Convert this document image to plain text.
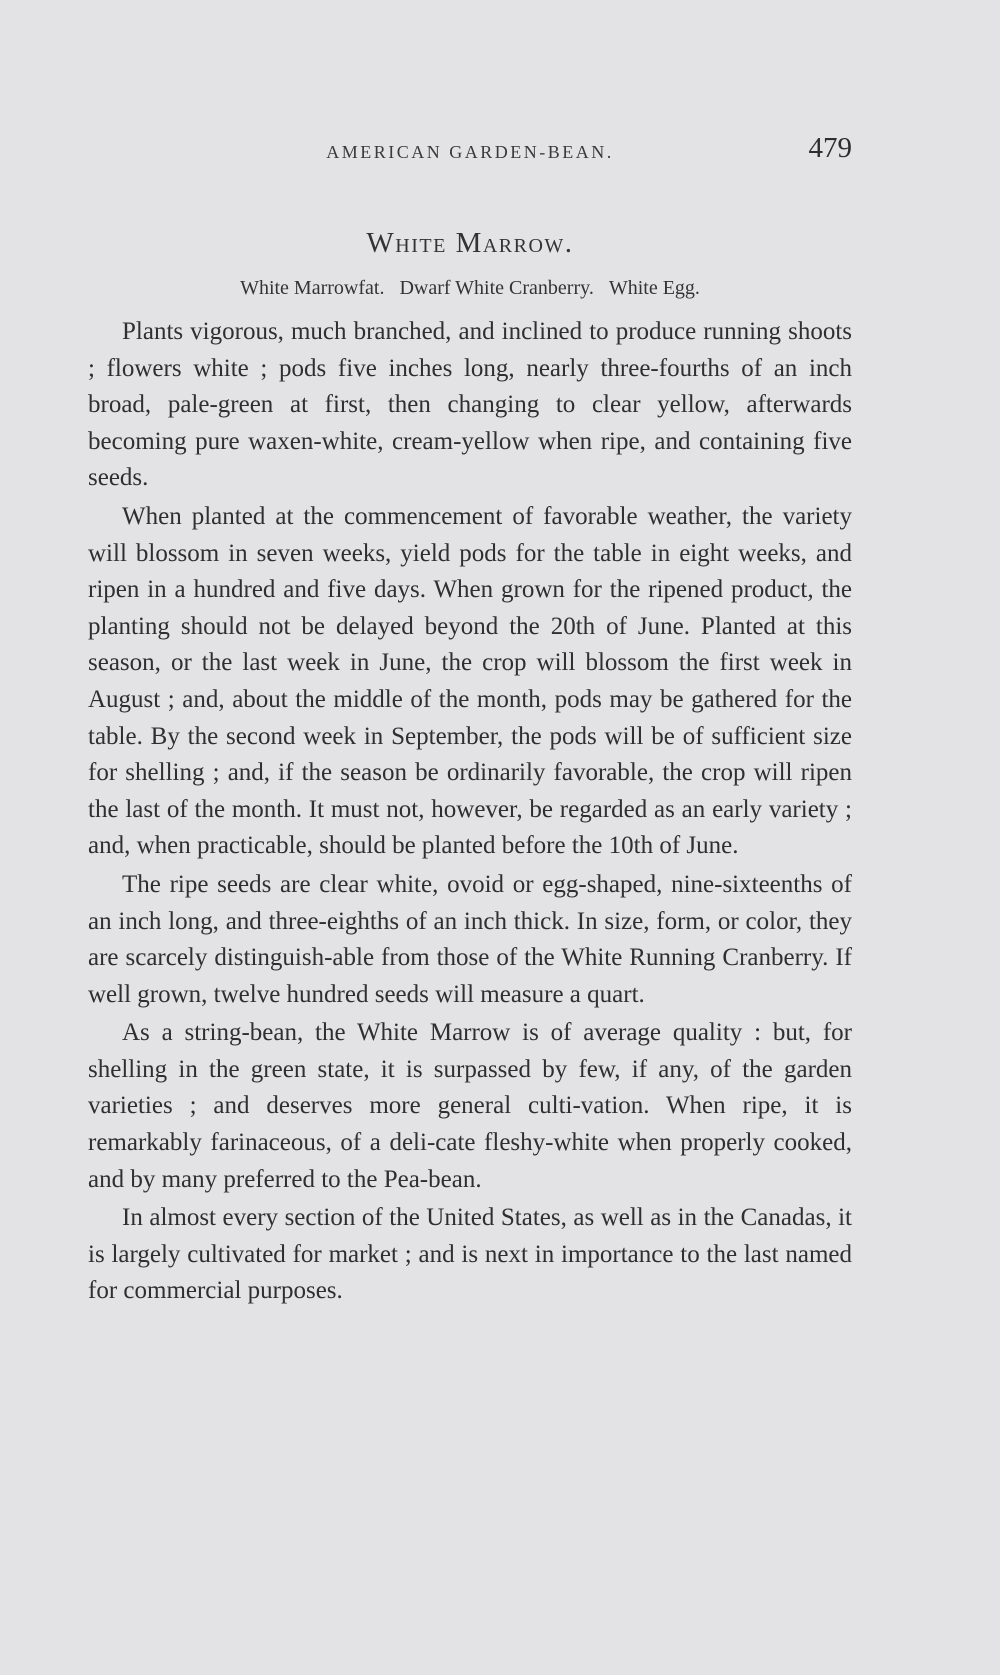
AMERICAN GARDEN-BEAN.	479
White Marrow.
White Marrowfat. Dwarf White Cranberry. White Egg.

Plants vigorous, much branched, and inclined to produce running shoots ; flowers white ; pods five inches long, nearly three-fourths of an inch broad, pale-green at first, then changing to clear yellow, afterwards becoming pure waxen-white, cream-yellow when ripe, and containing five seeds.

When planted at the commencement of favorable weather, the variety will blossom in seven weeks, yield pods for the table in eight weeks, and ripen in a hundred and five days. When grown for the ripened product, the planting should not be delayed beyond the 20th of June. Planted at this season, or the last week in June, the crop will blossom the first week in August ; and, about the middle of the month, pods may be gathered for the table. By the second week in September, the pods will be of sufficient size for shelling ; and, if the season be ordinarily favorable, the crop will ripen the last of the month. It must not, however, be regarded as an early variety ; and, when practicable, should be planted before the 10th of June.

The ripe seeds are clear white, ovoid or egg-shaped, nine-sixteenths of an inch long, and three-eighths of an inch thick. In size, form, or color, they are scarcely distinguish-able from those of the White Running Cranberry. If well grown, twelve hundred seeds will measure a quart.

As a string-bean, the White Marrow is of average quality : but, for shelling in the green state, it is surpassed by few, if any, of the garden varieties ; and deserves more general culti-vation. When ripe, it is remarkably farinaceous, of a deli-cate fleshy-white when properly cooked, and by many preferred to the Pea-bean.

In almost every section of the United States, as well as in the Canadas, it is largely cultivated for market ; and is next in importance to the last named for commercial purposes.
